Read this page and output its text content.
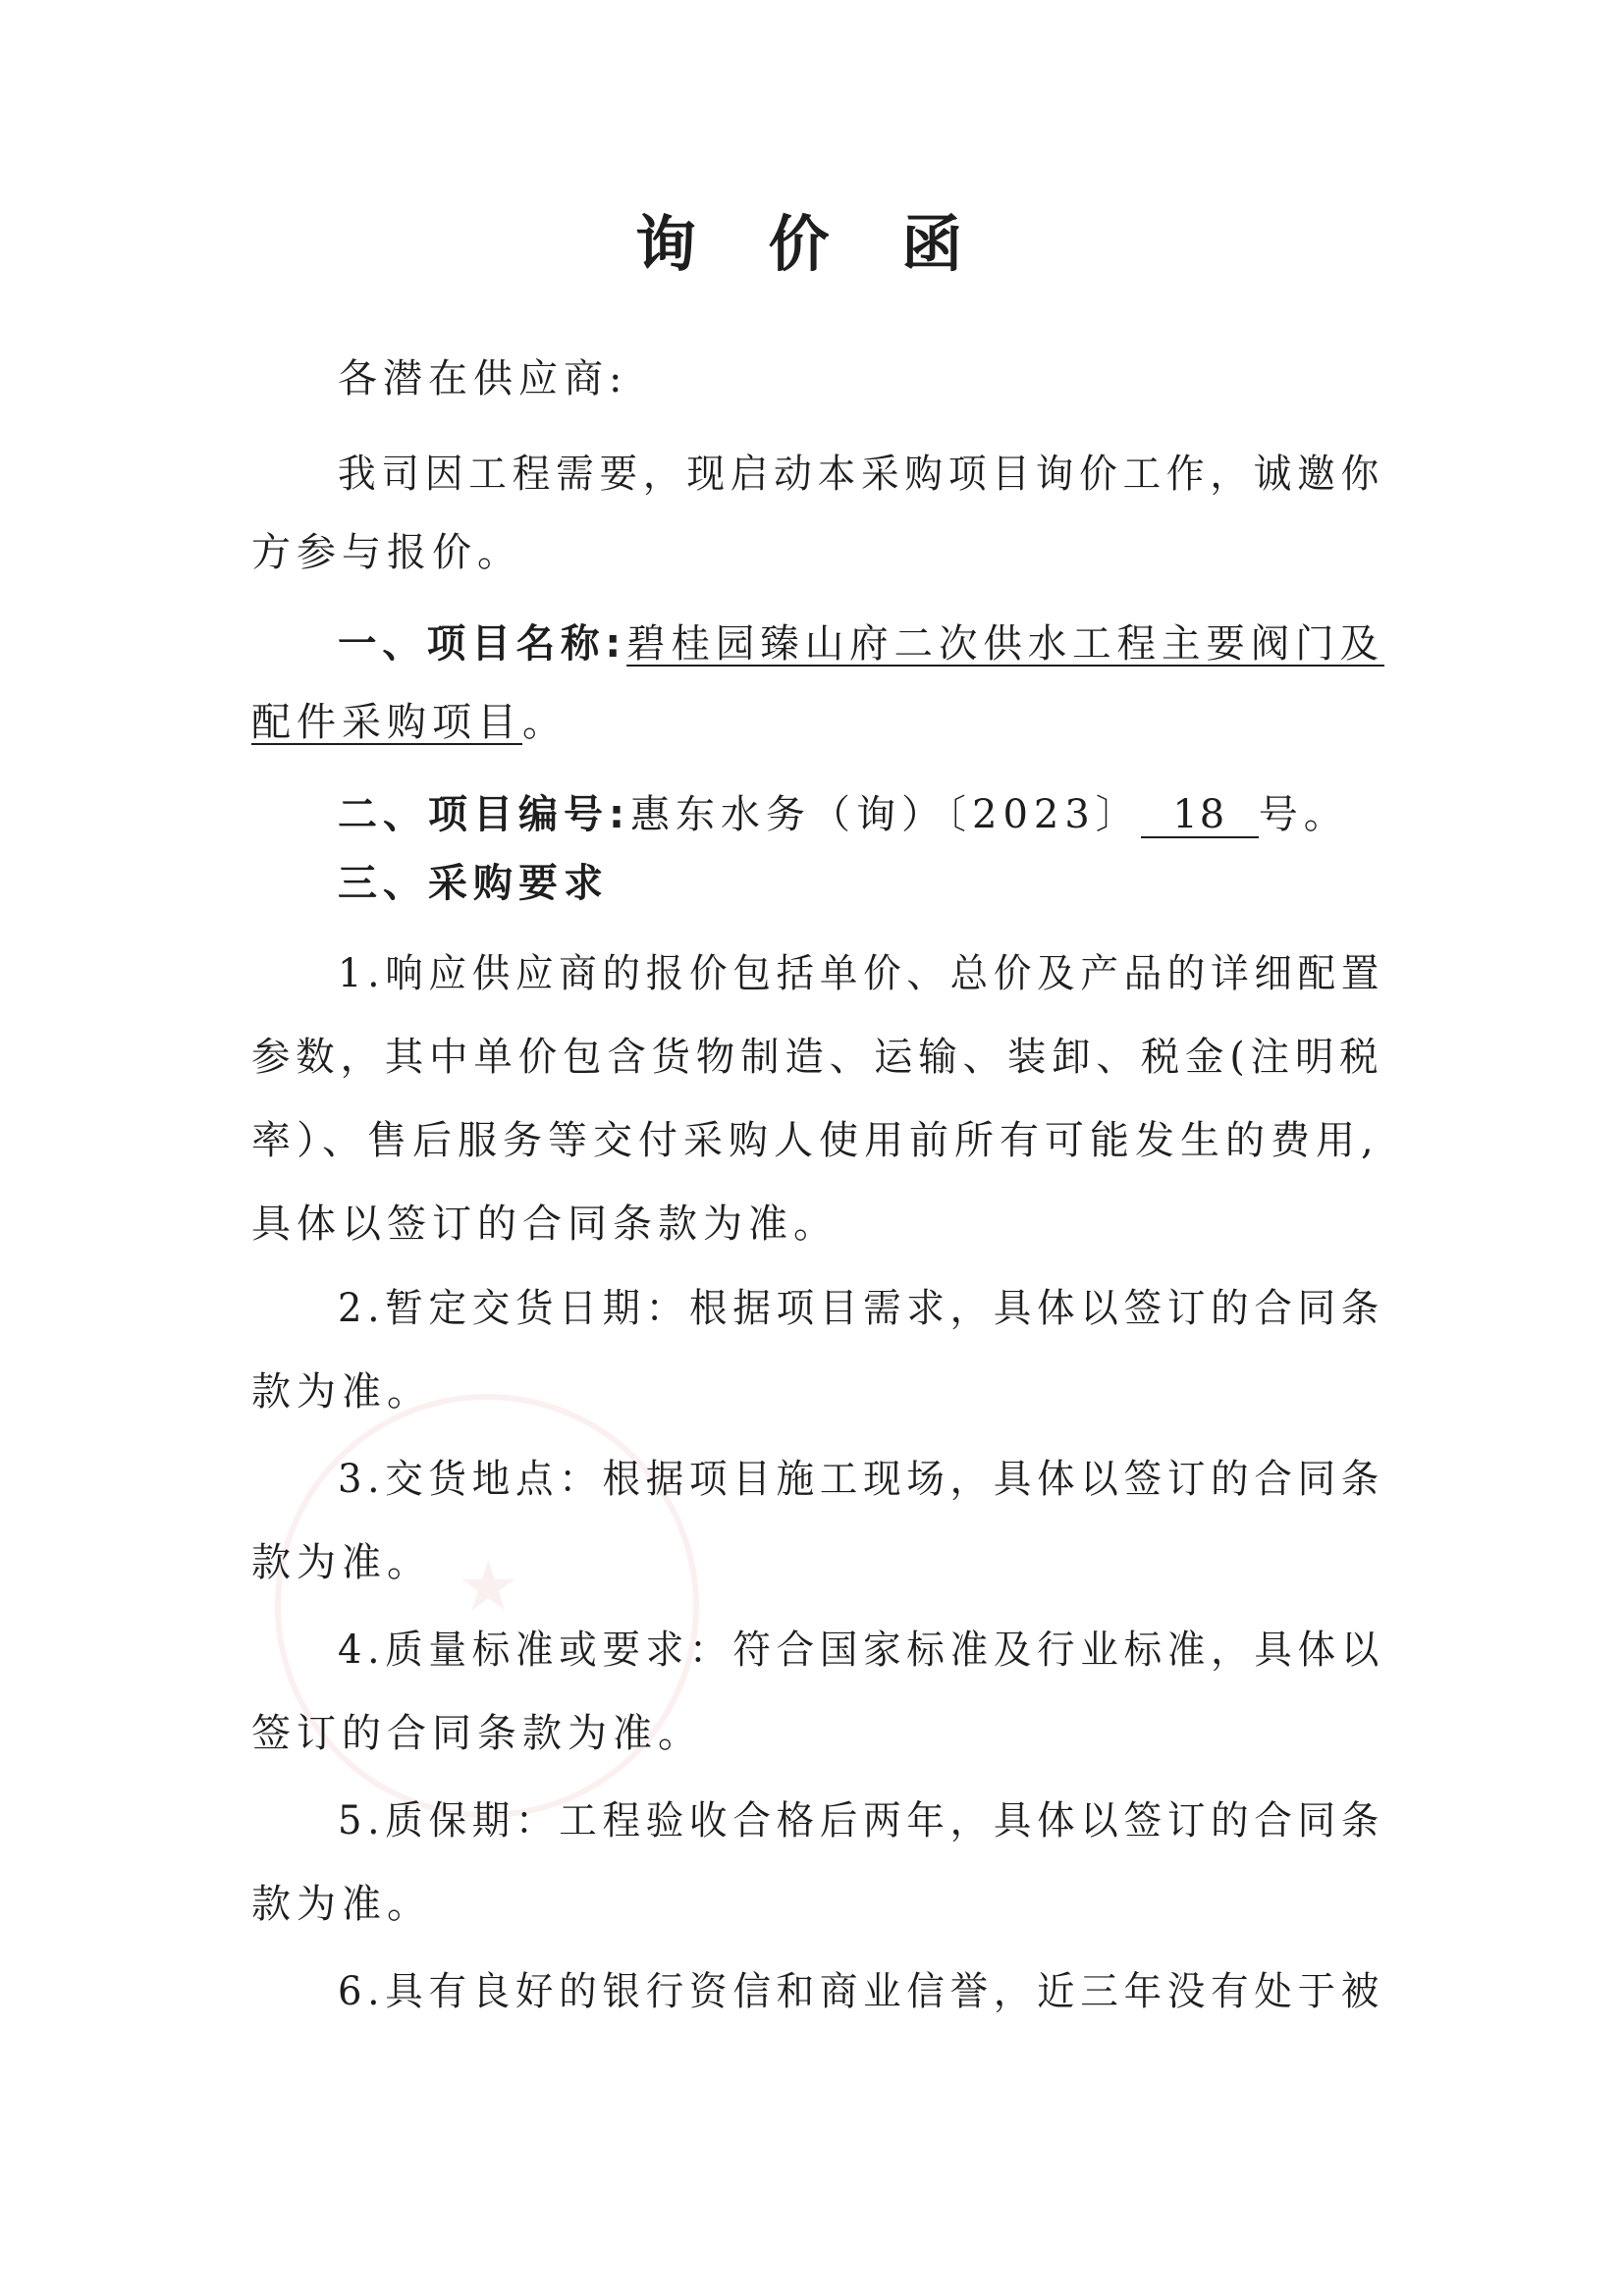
★
询 价 函
各潜在供应商:
我司因工程需要，现启动本采购项目询价工作，诚邀你
方参与报价。
一、项目名称:碧桂园臻山府二次供水工程主要阀门及
配件采购项目。
二、项目编号:惠东水务（询）〔2023〕 18 号。
三、采购要求
1.响应供应商的报价包括单价、总价及产品的详细配置
参数，其中单价包含货物制造、运输、装卸、税金(注明税
率）、售后服务等交付采购人使用前所有可能发生的费用,
具体以签订的合同条款为准。
2.暂定交货日期：根据项目需求，具体以签订的合同条
款为准。
3.交货地点：根据项目施工现场，具体以签订的合同条
款为准。
4.质量标准或要求：符合国家标准及行业标准，具体以
签订的合同条款为准。
5.质保期：工程验收合格后两年，具体以签订的合同条
款为准。
6.具有良好的银行资信和商业信誉，近三年没有处于被
